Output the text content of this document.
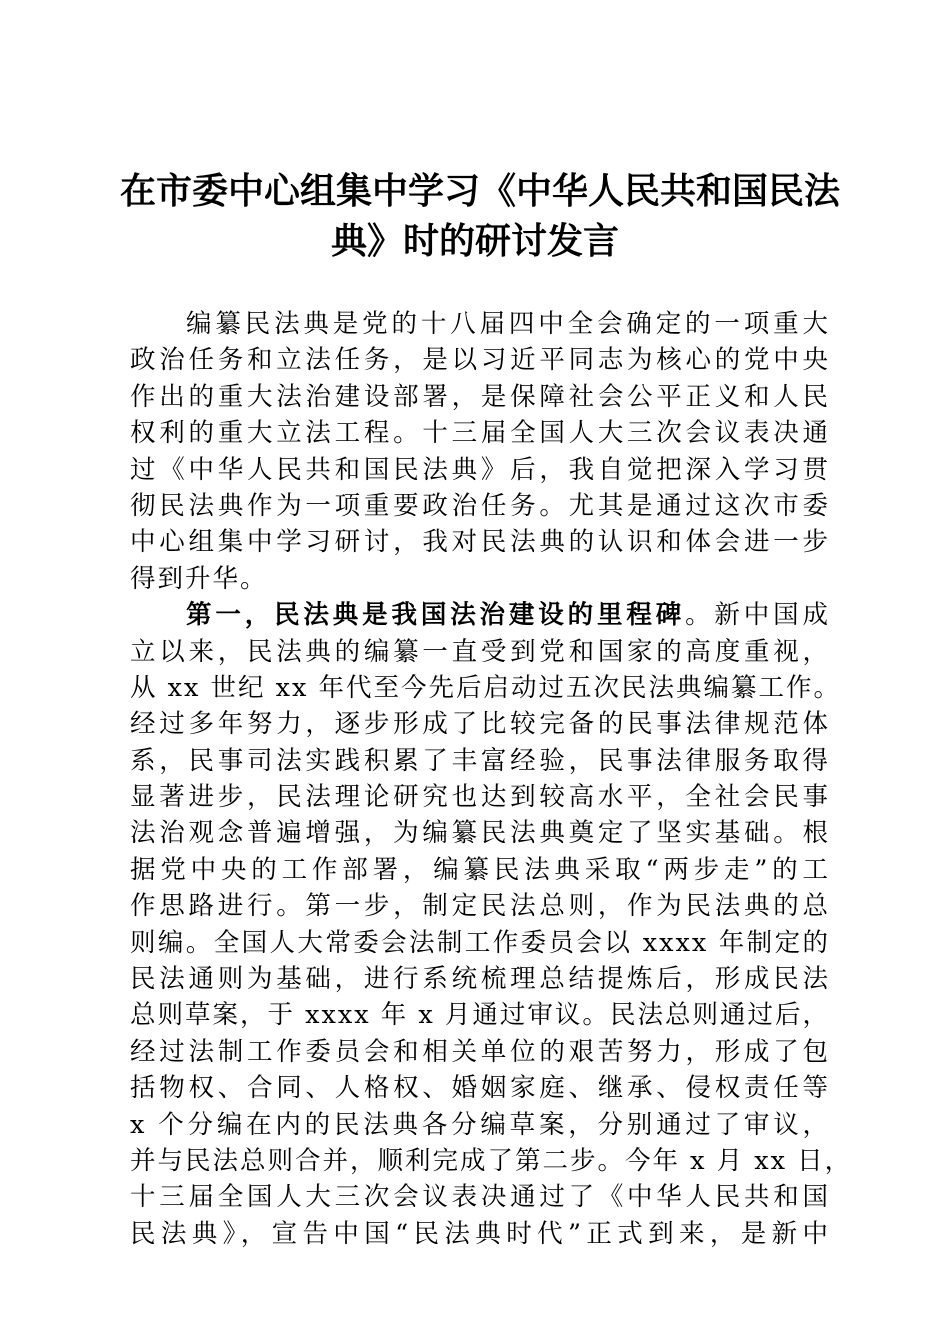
在市委中心组集中学习《中华人民共和国民法
典》时的研讨发言
编纂民法典是党的十八届四中全会确定的一项重大
政治任务和立法任务，是以习近平同志为核心的党中央
作出的重大法治建设部署，是保障社会公平正义和人民
权利的重大立法工程。十三届全国人大三次会议表决通
过《中华人民共和国民法典》后，我自觉把深入学习贯
彻民法典作为一项重要政治任务。尤其是通过这次市委
中心组集中学习研讨，我对民法典的认识和体会进一步
得到升华。
第一，民法典是我国法治建设的里程碑。新中国成
立以来，民法典的编纂一直受到党和国家的高度重视，
从 xx 世纪 xx 年代至今先后启动过五次民法典编纂工作。
经过多年努力，逐步形成了比较完备的民事法律规范体
系，民事司法实践积累了丰富经验，民事法律服务取得
显著进步，民法理论研究也达到较高水平，全社会民事
法治观念普遍增强，为编纂民法典奠定了坚实基础。根
据党中央的工作部署，编纂民法典采取“两步走”的工
作思路进行。第一步，制定民法总则，作为民法典的总
则编。全国人大常委会法制工作委员会以 xxxx 年制定的
民法通则为基础，进行系统梳理总结提炼后，形成民法
总则草案，于 xxxx 年 x 月通过审议。民法总则通过后，
经过法制工作委员会和相关单位的艰苦努力，形成了包
括物权、合同、人格权、婚姻家庭、继承、侵权责任等
x 个分编在内的民法典各分编草案，分别通过了审议，
并与民法总则合并，顺利完成了第二步。今年 x 月 xx 日，
十三届全国人大三次会议表决通过了《中华人民共和国
民法典》，宣告中国“民法典时代”正式到来，是新中
